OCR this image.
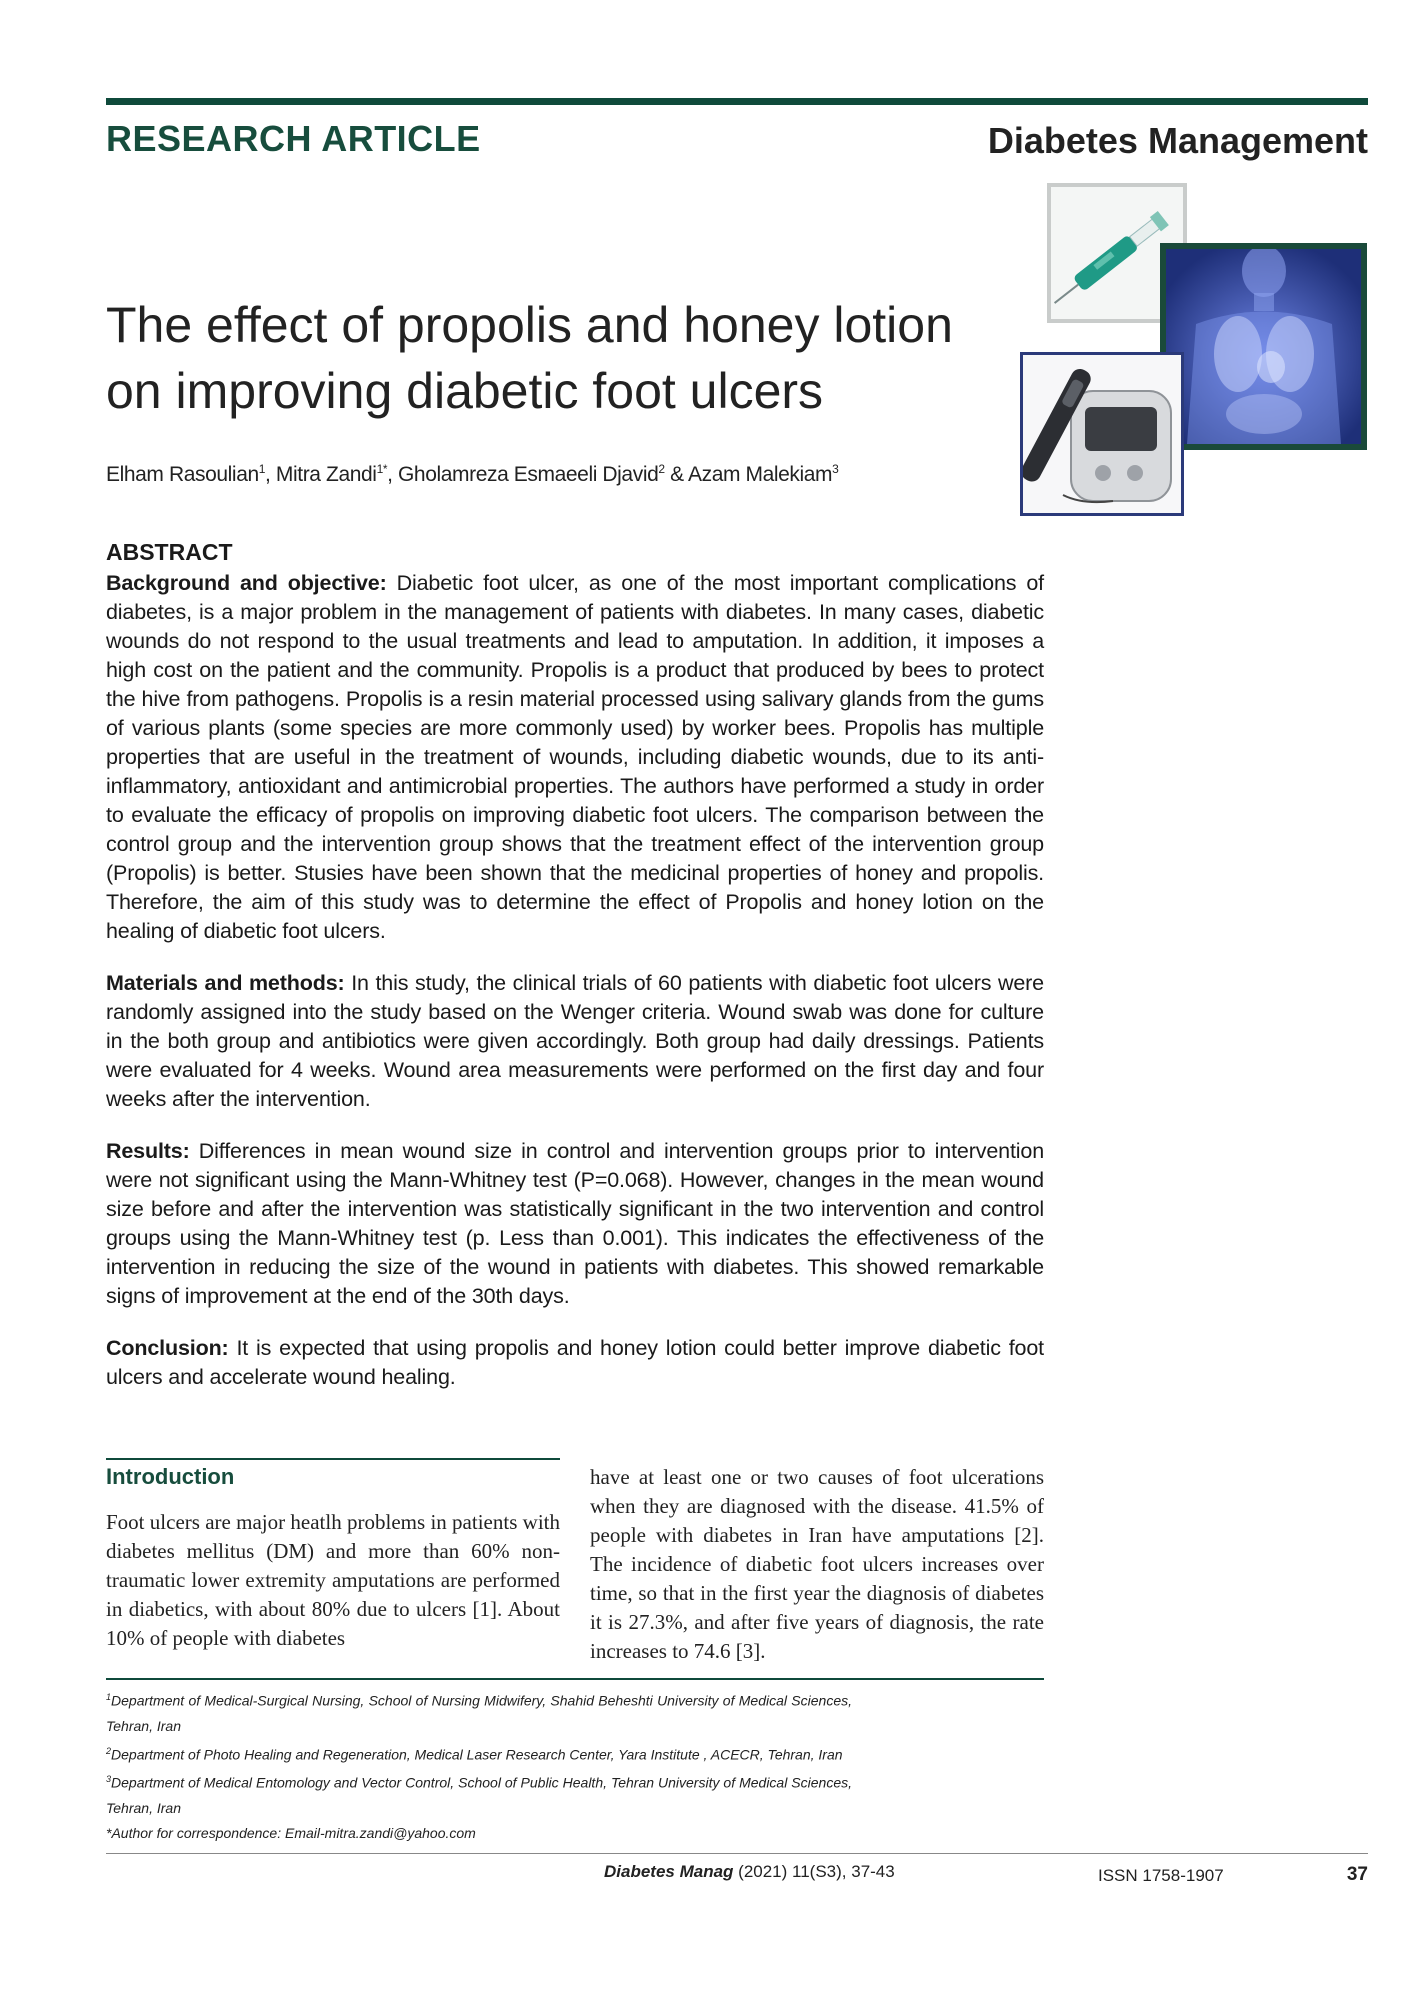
RESEARCH ARTICLE	Diabetes Management
The effect of propolis and honey lotion on improving diabetic foot ulcers
Elham Rasoulian$^1$, Mitra Zandi$^{1*}$, Gholamreza Esmaeeli Djavid$^2$ & Azam Malekiam$^3$
ABSTRACT

Background and objective: Diabetic foot ulcer, as one of the most important complications of diabetes, is a major problem in the management of patients with diabetes. In many cases, diabetic wounds do not respond to the usual treatments and lead to amputation. In addition, it imposes a high cost on the patient and the community. Propolis is a product that produced by bees to protect the hive from pathogens. Propolis is a resin material processed using salivary glands from the gums of various plants (some species are more commonly used) by worker bees. Propolis has multiple properties that are useful in the treatment of wounds, including diabetic wounds, due to its anti-inflammatory, antioxidant and antimicrobial properties. The authors have performed a study in order to evaluate the efficacy of propolis on improving diabetic foot ulcers. The comparison between the control group and the intervention group shows that the treatment effect of the intervention group (Propolis) is better. Stusies have been shown that the medicinal properties of honey and propolis. Therefore, the aim of this study was to determine the effect of Propolis and honey lotion on the healing of diabetic foot ulcers.

Materials and methods: In this study, the clinical trials of 60 patients with diabetic foot ulcers were randomly assigned into the study based on the Wenger criteria. Wound swab was done for culture in the both group and antibiotics were given accordingly. Both group had daily dressings. Patients were evaluated for 4 weeks. Wound area measurements were performed on the first day and four weeks after the intervention.

Results: Differences in mean wound size in control and intervention groups prior to intervention were not significant using the Mann-Whitney test (P=0.068). However, changes in the mean wound size before and after the intervention was statistically significant in the two intervention and control groups using the Mann-Whitney test (p. Less than 0.001). This indicates the effectiveness of the intervention in reducing the size of the wound in patients with diabetes. This showed remarkable signs of improvement at the end of the 30th days.

Conclusion: It is expected that using propolis and honey lotion could better improve diabetic foot ulcers and accelerate wound healing.

Introduction

Foot ulcers are major heatlh problems in patients with diabetes mellitus (DM) and more than 60% non-traumatic lower extremity amputations are performed in diabetics, with about 80% due to ulcers [1]. About 10% of people with diabetes

have at least one or two causes of foot ulcerations when they are diagnosed with the disease. 41.5% of people with diabetes in Iran have amputations [2]. The incidence of diabetic foot ulcers increases over time, so that in the first year the diagnosis of diabetes it is 27.3%, and after five years of diagnosis, the rate increases to 74.6 [3].

$^1$Department of Medical-Surgical Nursing, School of Nursing Midwifery, Shahid Beheshti University of Medical Sciences, Tehran, Iran
$^2$Department of Photo Healing and Regeneration, Medical Laser Research Center, Yara Institute , ACECR, Tehran, Iran
$^3$Department of Medical Entomology and Vector Control, School of Public Health, Tehran University of Medical Sciences, Tehran, Iran
*Author for correspondence: Email-mitra.zandi@yahoo.com
Diabetes Manag (2021) 11(S3), 37-43	ISSN 1758-1907	37
